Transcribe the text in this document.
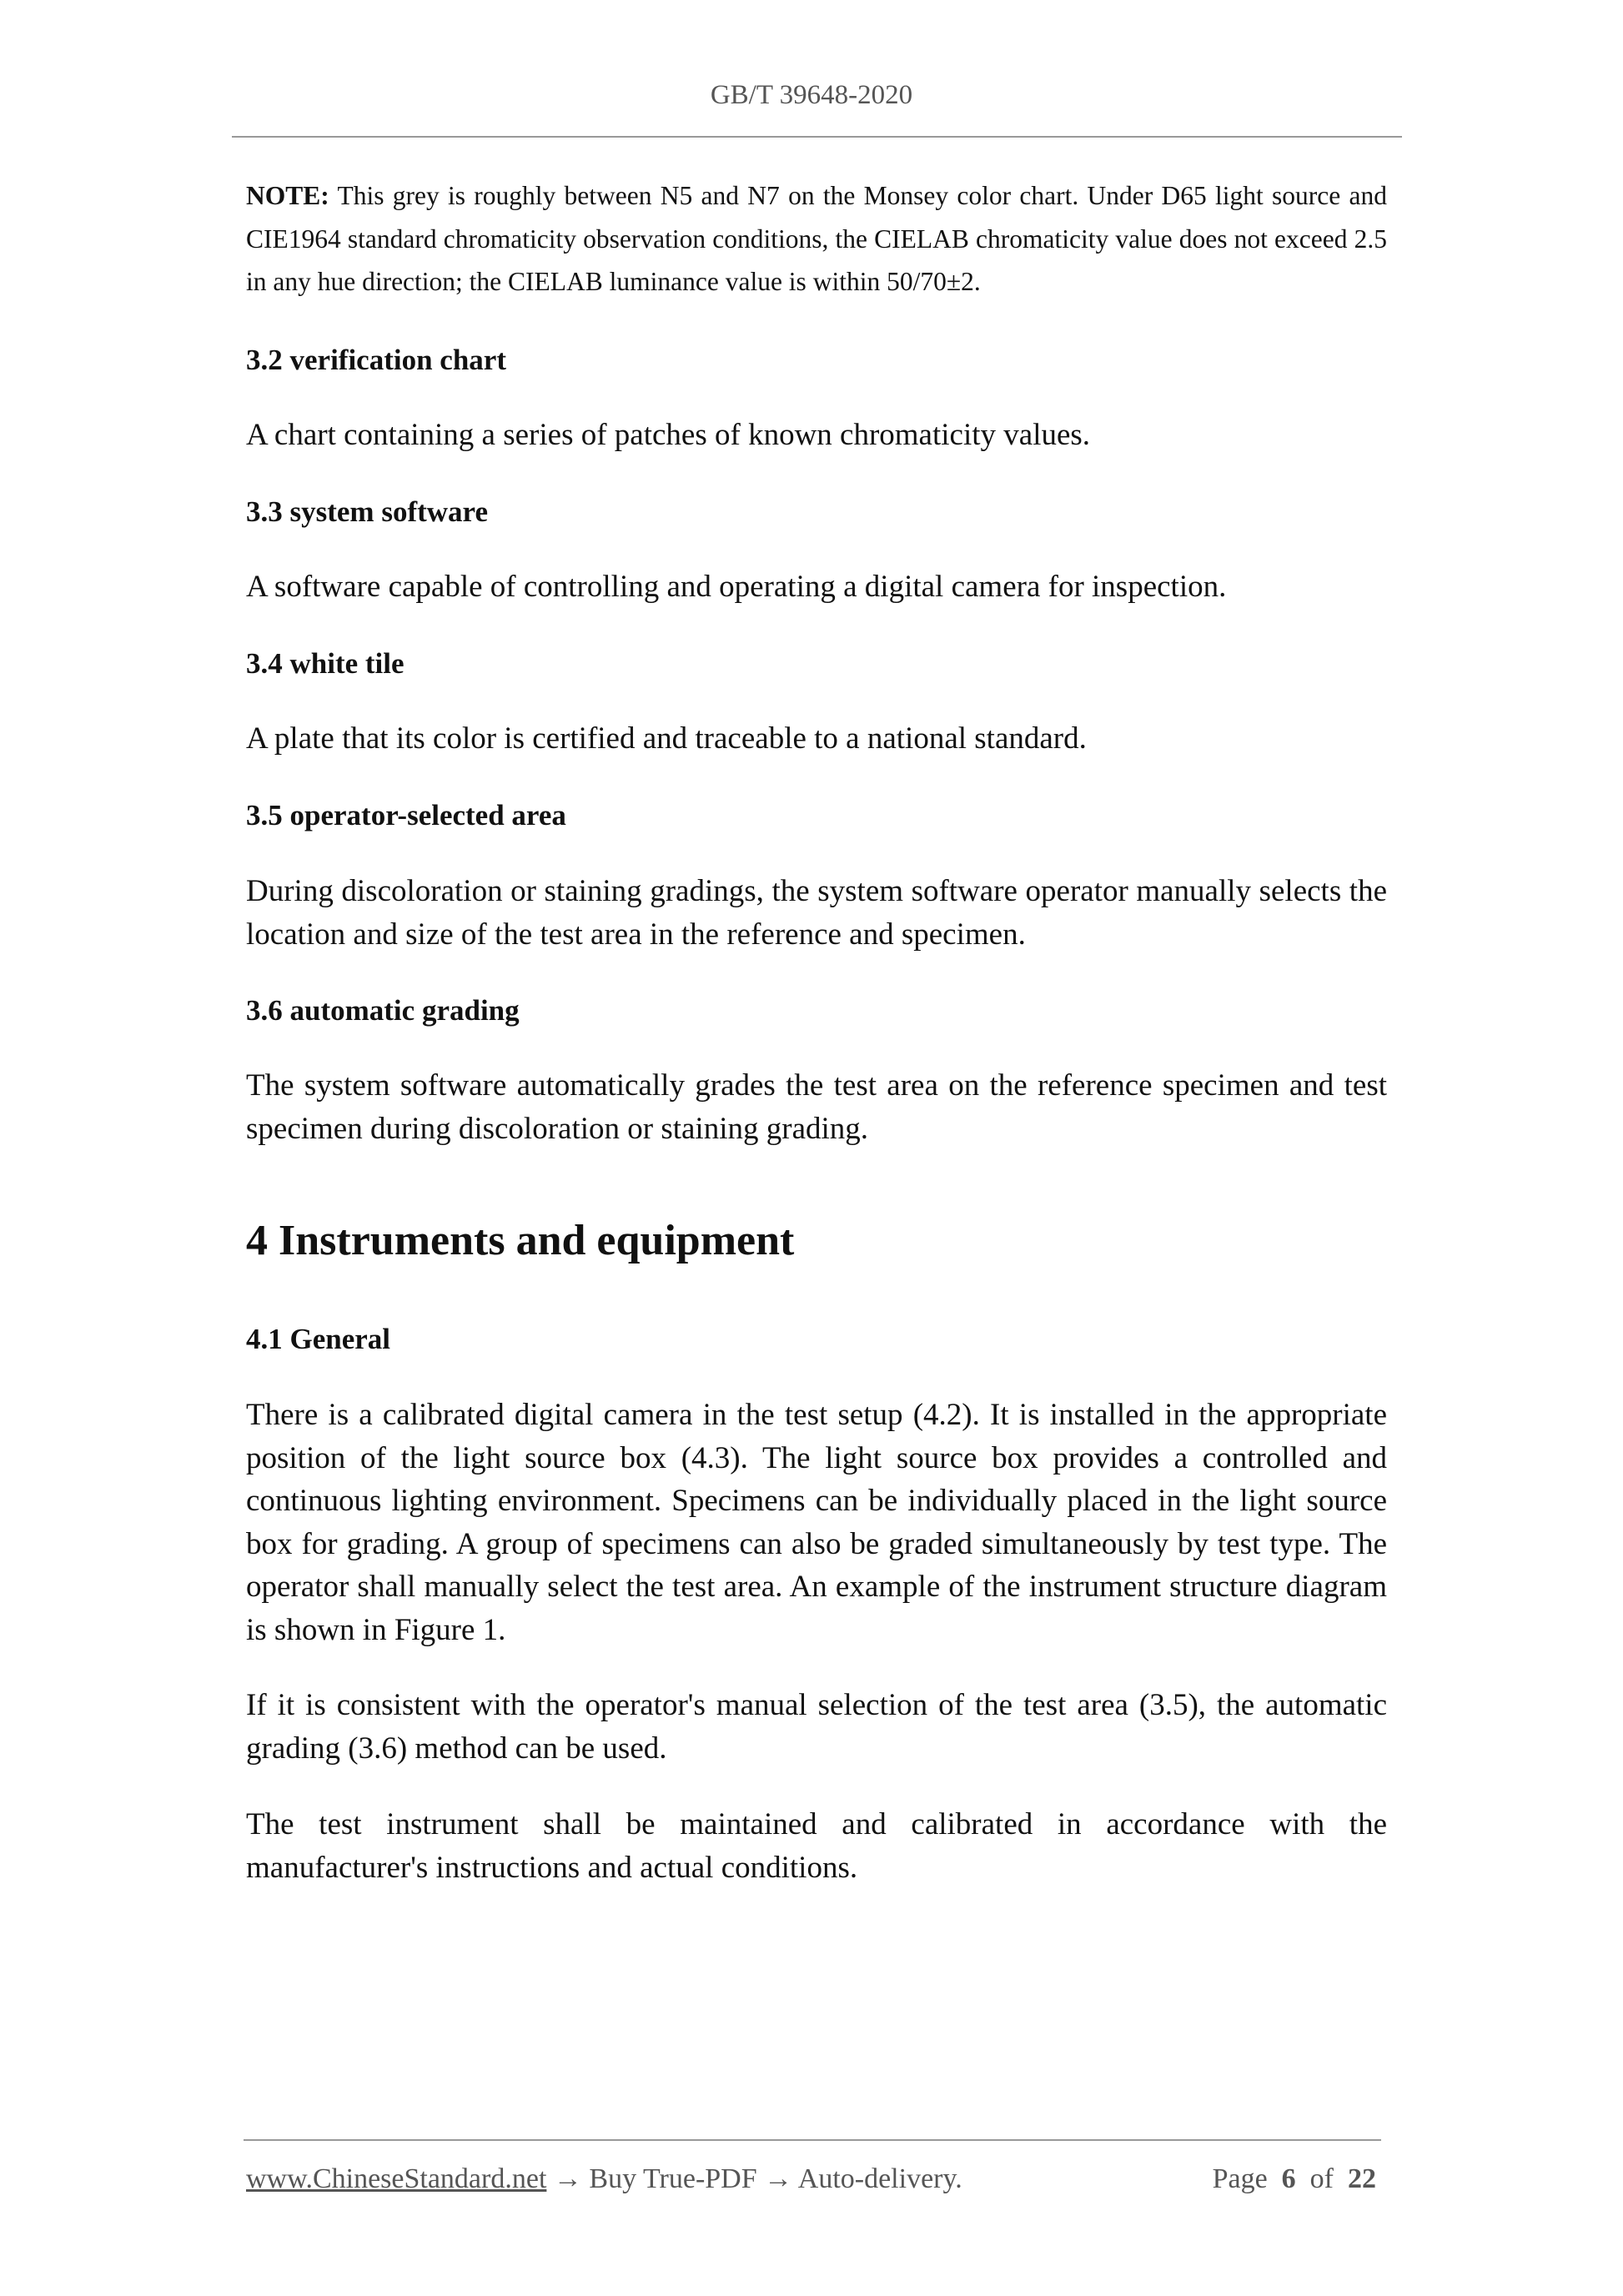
GB/T 39648-2020
NOTE: This grey is roughly between N5 and N7 on the Monsey color chart. Under D65 light source and CIE1964 standard chromaticity observation conditions, the CIELAB chromaticity value does not exceed 2.5 in any hue direction; the CIELAB luminance value is within 50/70±2.
3.2 verification chart
A chart containing a series of patches of known chromaticity values.
3.3 system software
A software capable of controlling and operating a digital camera for inspection.
3.4 white tile
A plate that its color is certified and traceable to a national standard.
3.5 operator-selected area
During discoloration or staining gradings, the system software operator manually selects the location and size of the test area in the reference and specimen.
3.6 automatic grading
The system software automatically grades the test area on the reference specimen and test specimen during discoloration or staining grading.
4 Instruments and equipment
4.1 General
There is a calibrated digital camera in the test setup (4.2). It is installed in the appropriate position of the light source box (4.3). The light source box provides a controlled and continuous lighting environment. Specimens can be individually placed in the light source box for grading. A group of specimens can also be graded simultaneously by test type. The operator shall manually select the test area. An example of the instrument structure diagram is shown in Figure 1.
If it is consistent with the operator's manual selection of the test area (3.5), the automatic grading (3.6) method can be used.
The test instrument shall be maintained and calibrated in accordance with the manufacturer's instructions and actual conditions.
www.ChineseStandard.net → Buy True-PDF → Auto-delivery.	Page 6 of 22
